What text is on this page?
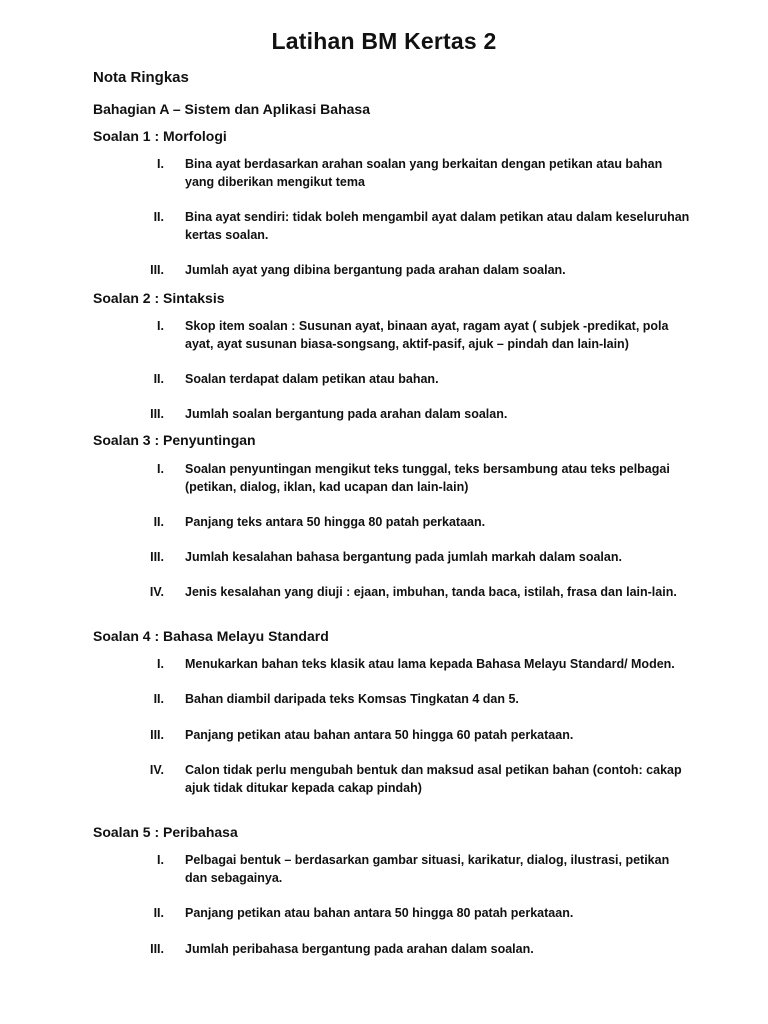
Latihan BM Kertas 2
Nota Ringkas
Bahagian A – Sistem dan Aplikasi Bahasa
Soalan 1 : Morfologi
I. Bina ayat berdasarkan arahan soalan yang berkaitan dengan petikan atau bahan yang diberikan mengikut tema
II. Bina ayat sendiri: tidak boleh mengambil ayat dalam petikan atau dalam keseluruhan kertas soalan.
III. Jumlah ayat yang dibina bergantung pada arahan dalam soalan.
Soalan 2 : Sintaksis
I. Skop item soalan : Susunan ayat, binaan ayat, ragam ayat ( subjek -predikat, pola ayat, ayat susunan biasa-songsang, aktif-pasif, ajuk – pindah dan lain-lain)
II. Soalan terdapat dalam petikan atau bahan.
III. Jumlah soalan bergantung pada arahan dalam soalan.
Soalan 3 : Penyuntingan
I. Soalan penyuntingan mengikut teks tunggal, teks bersambung atau teks pelbagai (petikan, dialog, iklan, kad ucapan dan lain-lain)
II. Panjang teks antara 50 hingga 80 patah perkataan.
III. Jumlah kesalahan bahasa bergantung pada jumlah markah dalam soalan.
IV. Jenis kesalahan yang diuji : ejaan, imbuhan, tanda baca, istilah, frasa dan lain-lain.
Soalan 4 : Bahasa Melayu Standard
I. Menukarkan bahan teks klasik atau lama kepada Bahasa Melayu Standard/ Moden.
II. Bahan diambil daripada teks Komsas Tingkatan 4 dan 5.
III. Panjang petikan atau bahan antara 50 hingga 60 patah perkataan.
IV. Calon tidak perlu mengubah bentuk dan maksud asal petikan bahan (contoh: cakap ajuk tidak ditukar kepada cakap pindah)
Soalan 5 : Peribahasa
I. Pelbagai bentuk – berdasarkan gambar situasi, karikatur, dialog, ilustrasi, petikan dan sebagainya.
II. Panjang petikan atau bahan antara 50 hingga 80 patah perkataan.
III. Jumlah peribahasa bergantung pada arahan dalam soalan.
